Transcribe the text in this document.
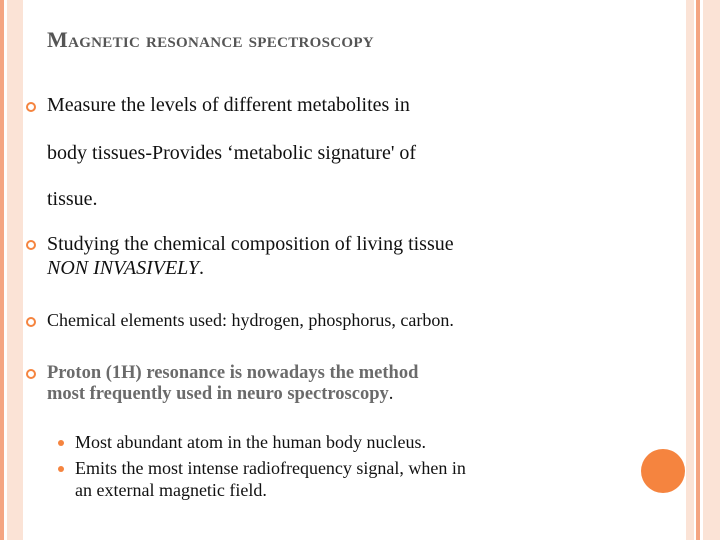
Magnetic resonance spectroscopy
Measure the levels of different metabolites in
body tissues-Provides ‘metabolic signature' of
tissue.
Studying the chemical composition of living tissue
NON INVASIVELY.
Chemical elements used: hydrogen, phosphorus, carbon.
Proton (1H) resonance is nowadays the method
most frequently used in neuro spectroscopy.
Most abundant atom in the human body nucleus.
Emits the most intense radiofrequency signal, when in
an external magnetic field.
